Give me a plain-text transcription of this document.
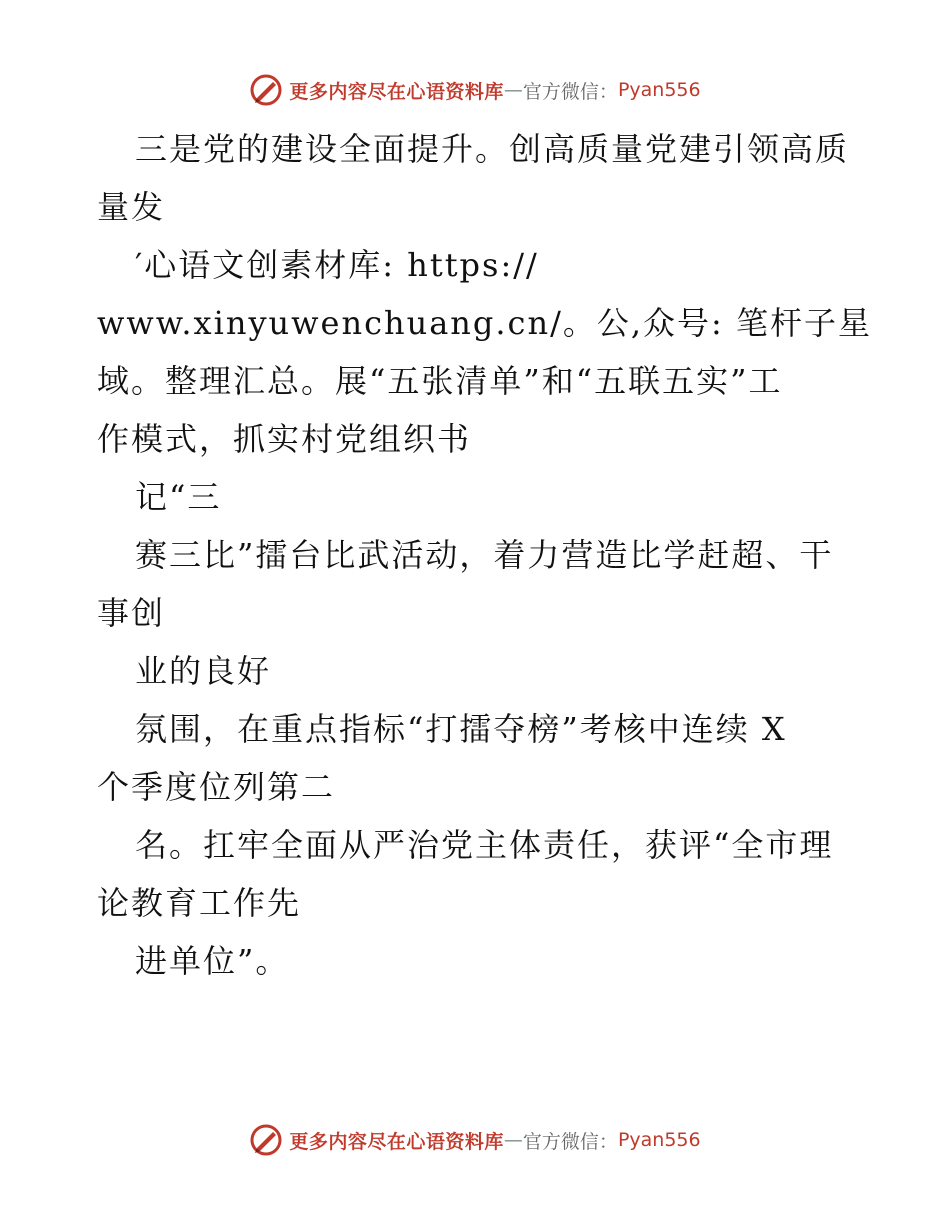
更多内容尽在心语资料库 — 官方微信： Pyan556
三是党的建设全面提升。创高质量党建引领高质
量发
′心语文创素材库: https://
www.xinyuwenchuang.cn/。公,众号: 笔杆子星
域。整理汇总。展“五张清单”和“五联五实”工
作模式，抓实村党组织书
记“三
赛三比”擂台比武活动，着力营造比学赶超、干
事创
业的良好
氛围，在重点指标“打擂夺榜”考核中连续 X
个季度位列第二
名。扛牢全面从严治党主体责任，获评“全市理
论教育工作先
进单位”。
更多内容尽在心语资料库 — 官方微信： Pyan556
